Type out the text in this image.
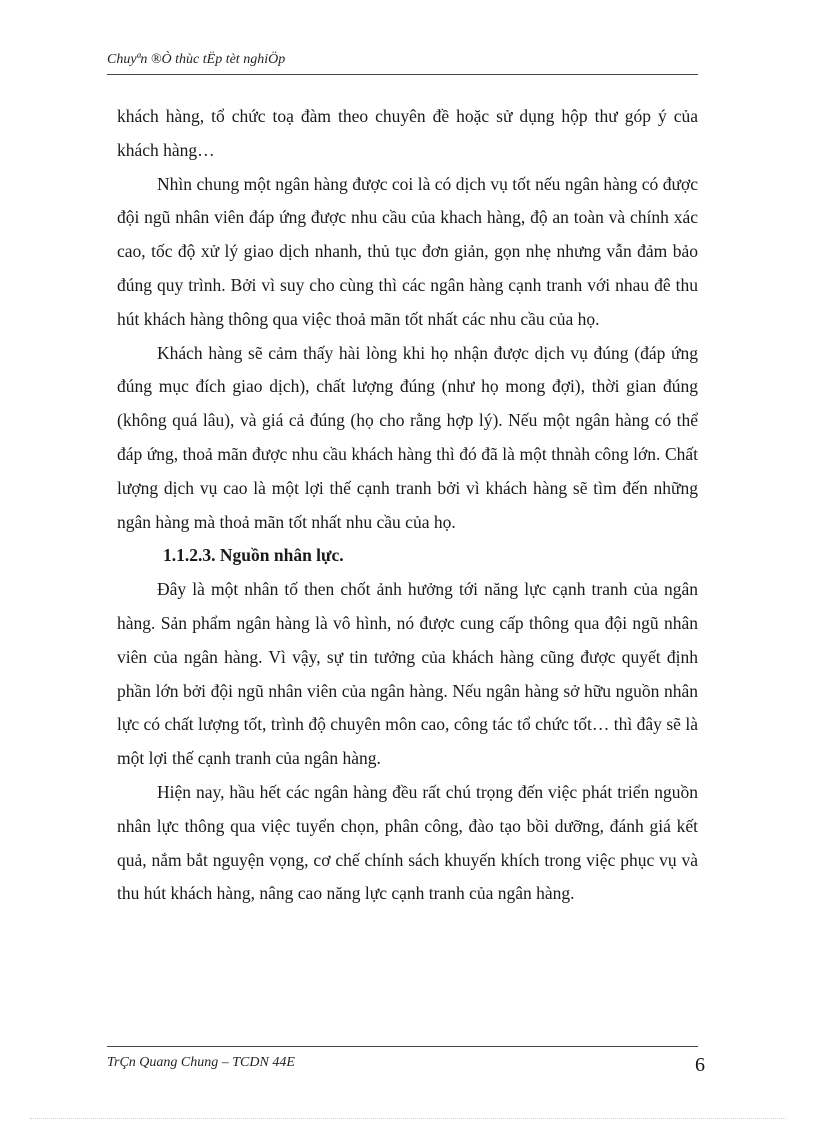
Chuyªn ®Ò thùc tËp tèt nghiÖp

khách hàng, tổ chức toạ đàm theo chuyên đề hoặc sử dụng hộp thư góp ý của khách hàng…

Nhìn chung một ngân hàng được coi là có dịch vụ tốt nếu ngân hàng có được đội ngũ nhân viên đáp ứng được nhu cầu của khach hàng, độ an toàn và chính xác cao, tốc độ xử lý giao dịch nhanh, thủ tục đơn giản, gọn nhẹ nhưng vẫn đảm bảo đúng quy trình. Bởi vì suy cho cùng thì các ngân hàng cạnh tranh với nhau đê thu hút khách hàng thông qua việc thoả mãn tốt nhất các nhu cầu của họ.

Khách hàng sẽ cảm thấy hài lòng khi họ nhận được dịch vụ đúng (đáp ứng đúng mục đích giao dịch), chất lượng đúng (như họ mong đợi), thời gian đúng (không quá lâu), và giá cả đúng (họ cho rằng hợp lý). Nếu một ngân hàng có thể đáp ứng, thoả mãn được nhu cầu khách hàng thì đó đã là một thnàh công lớn. Chất lượng dịch vụ cao là một lợi thế cạnh tranh bởi vì khách hàng sẽ tìm đến những ngân hàng mà thoả mãn tốt nhất nhu cầu của họ.

1.1.2.3. Nguồn nhân lực.

Đây là một nhân tố then chốt ảnh hưởng tới năng lực cạnh tranh của ngân hàng. Sản phẩm ngân hàng là vô hình, nó được cung cấp thông qua đội ngũ nhân viên của ngân hàng. Vì vậy, sự tin tưởng của khách hàng cũng được quyết định phần lớn bởi đội ngũ nhân viên của ngân hàng. Nếu ngân hàng sở hữu nguồn nhân lực có chất lượng tốt, trình độ chuyên môn cao, công tác tổ chức tốt… thì đây sẽ là một lợi thế cạnh tranh của ngân hàng.

Hiện nay, hầu hết các ngân hàng đều rất chú trọng đến việc phát triển nguồn nhân lực thông qua việc tuyển chọn, phân công, đào tạo bồi dưỡng, đánh giá kết quả, nắm bắt nguyện vọng, cơ chế chính sách khuyến khích trong việc phục vụ và thu hút khách hàng, nâng cao năng lực cạnh tranh của ngân hàng.

TrÇn Quang Chung – TCDN 44E	6
